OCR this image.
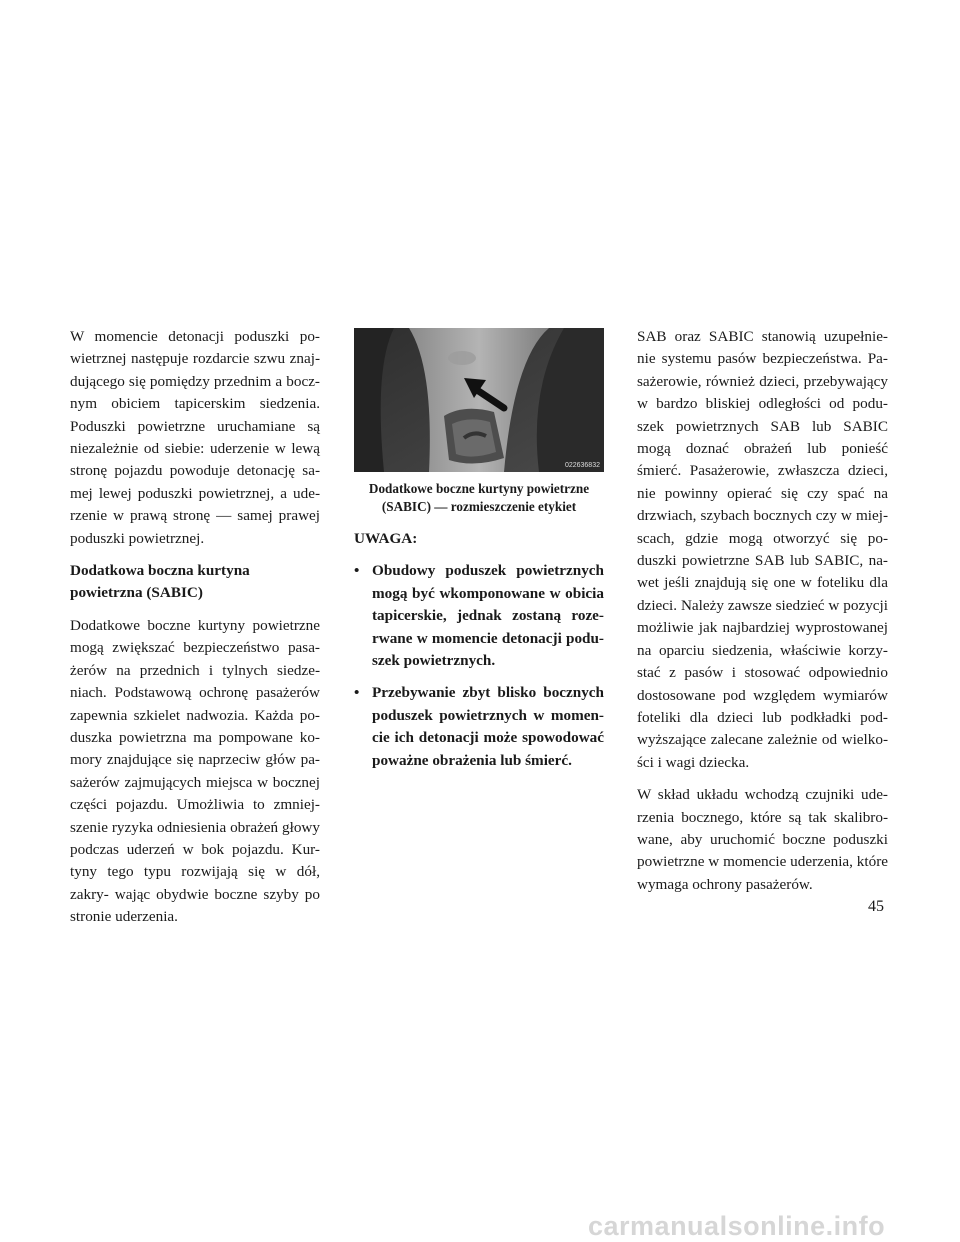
W momencie detonacji poduszki po- wietrznej następuje rozdarcie szwu znaj- dującego się pomiędzy przednim a bocz- nym obiciem tapicerskim siedzenia. Poduszki powietrzne uruchamiane są niezależnie od siebie: uderzenie w lewą stronę pojazdu powoduje detonację sa- mej lewej poduszki powietrznej, a ude- rzenie w prawą stronę — samej prawej poduszki powietrznej.

Dodatkowa boczna kurtyna powietrzna (SABIC)

Dodatkowe boczne kurtyny powietrzne mogą zwiększać bezpieczeństwo pasa- żerów na przednich i tylnych siedze- niach. Podstawową ochronę pasażerów zapewnia szkielet nadwozia. Każda po- duszka powietrzna ma pompowane ko- mory znajdujące się naprzeciw głów pa- sażerów zajmujących miejsca w bocznej części pojazdu. Umożliwia to zmniej- szenie ryzyka odniesienia obrażeń głowy podczas uderzeń w bok pojazdu. Kur- tyny tego typu rozwijają się w dół, zakry- wając obydwie boczne szyby po stronie uderzenia.

022636832
Dodatkowe boczne kurtyny powietrzne
(SABIC) — rozmieszczenie etykiet
UWAGA:
• Obudowy poduszek powietrznych mogą być wkomponowane w obicia tapicerskie, jednak zostaną roze- rwane w momencie detonacji podu- szek powietrznych.
• Przebywanie zbyt blisko bocznych poduszek powietrznych w momen- cie ich detonacji może spowodować poważne obrażenia lub śmierć.

SAB oraz SABIC stanowią uzupełnie- nie systemu pasów bezpieczeństwa. Pa- sażerowie, również dzieci, przebywający w bardzo bliskiej odległości od podu- szek powietrznych SAB lub SABIC mogą doznać obrażeń lub ponieść śmierć. Pasażerowie, zwłaszcza dzieci, nie powinny opierać się czy spać na drzwiach, szybach bocznych czy w miej- scach, gdzie mogą otworzyć się po- duszki powietrzne SAB lub SABIC, na- wet jeśli znajdują się one w foteliku dla dzieci. Należy zawsze siedzieć w pozycji możliwie jak najbardziej wyprostowanej na oparciu siedzenia, właściwie korzy- stać z pasów i stosować odpowiednio dostosowane pod względem wymiarów foteliki dla dzieci lub podkładki pod- wyższające zalecane zależnie od wielko- ści i wagi dziecka.

W skład układu wchodzą czujniki ude- rzenia bocznego, które są tak skalibro- wane, aby uruchomić boczne poduszki powietrzne w momencie uderzenia, które wymaga ochrony pasażerów.

45
carmanualsonline.info
